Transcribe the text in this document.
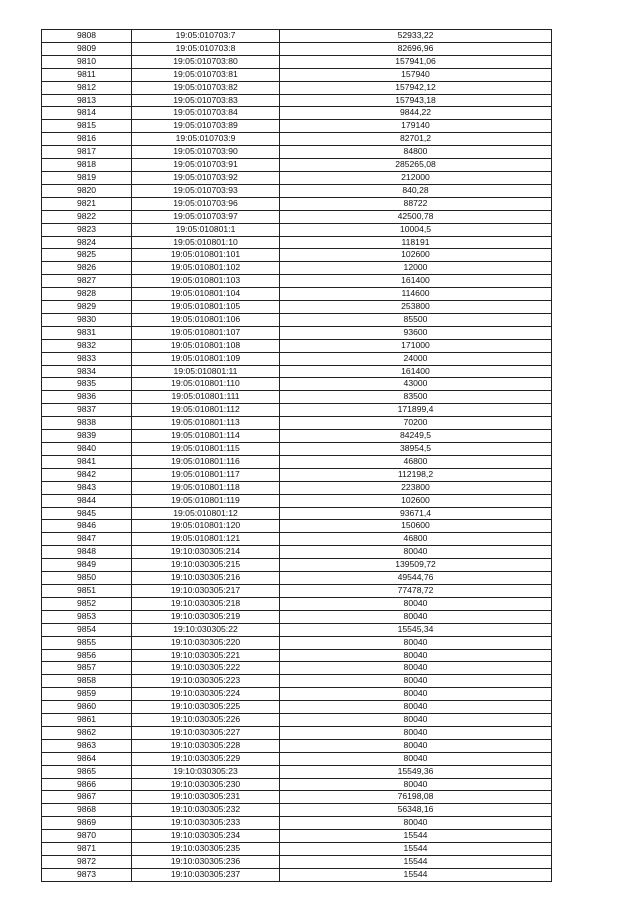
9808	19:05:010703:7	52933,22
9809	19:05:010703:8	82696,96
9810	19:05:010703:80	157941,06
9811	19:05:010703:81	157940
9812	19:05:010703:82	157942,12
9813	19:05:010703:83	157943,18
9814	19:05:010703:84	9844,22
9815	19:05:010703:89	179140
9816	19:05:010703:9	82701,2
9817	19:05:010703:90	84800
9818	19:05:010703:91	285265,08
9819	19:05:010703:92	212000
9820	19:05:010703:93	840,28
9821	19:05:010703:96	88722
9822	19:05:010703:97	42500,78
9823	19:05:010801:1	10004,5
9824	19:05:010801:10	118191
9825	19:05:010801:101	102600
9826	19:05:010801:102	12000
9827	19:05:010801:103	161400
9828	19:05:010801:104	114600
9829	19:05:010801:105	253800
9830	19:05:010801:106	85500
9831	19:05:010801:107	93600
9832	19:05:010801:108	171000
9833	19:05:010801:109	24000
9834	19:05:010801:11	161400
9835	19:05:010801:110	43000
9836	19:05:010801:111	83500
9837	19:05:010801:112	171899,4
9838	19:05:010801:113	70200
9839	19:05:010801:114	84249,5
9840	19:05:010801:115	38954,5
9841	19:05:010801:116	46800
9842	19:05:010801:117	112198,2
9843	19:05:010801:118	223800
9844	19:05:010801:119	102600
9845	19:05:010801:12	93671,4
9846	19:05:010801:120	150600
9847	19:05:010801:121	46800
9848	19:10:030305:214	80040
9849	19:10:030305:215	139509,72
9850	19:10:030305:216	49544,76
9851	19:10:030305:217	77478,72
9852	19:10:030305:218	80040
9853	19:10:030305:219	80040
9854	19:10:030305:22	15545,34
9855	19:10:030305:220	80040
9856	19:10:030305:221	80040
9857	19:10:030305:222	80040
9858	19:10:030305:223	80040
9859	19:10:030305:224	80040
9860	19:10:030305:225	80040
9861	19:10:030305:226	80040
9862	19:10:030305:227	80040
9863	19:10:030305:228	80040
9864	19:10:030305:229	80040
9865	19:10:030305:23	15549,36
9866	19:10:030305:230	80040
9867	19:10:030305:231	76198,08
9868	19:10:030305:232	56348,16
9869	19:10:030305:233	80040
9870	19:10:030305:234	15544
9871	19:10:030305:235	15544
9872	19:10:030305:236	15544
9873	19:10:030305:237	15544
